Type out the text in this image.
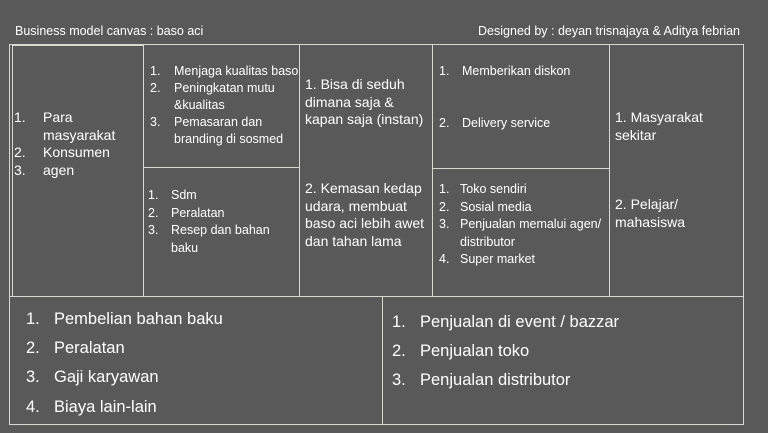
Business model canvas : baso aci	Designed by : deyan trisnajaya & Aditya febrian
1. Para masyarakat
2. Konsumen
3. agen
1. Menjaga kualitas baso
2. Peningkatan mutu &kualitas
3. Pemasaran dan branding di sosmed
1. Sdm
2. Peralatan
3. Resep dan bahan baku
1. Bisa di seduh dimana saja & kapan saja (instan)
2. Kemasan kedap udara, membuat baso aci lebih awet dan tahan lama
1. Memberikan diskon
2. Delivery service
1. Toko sendiri
2. Sosial media
3. Penjualan memalui agen/ distributor
4. Super market
1. Masyarakat sekitar
2. Pelajar/ mahasiswa
1. Pembelian bahan baku
2. Peralatan
3. Gaji karyawan
4. Biaya lain-lain
1. Penjualan di event / bazzar
2. Penjualan toko
3. Penjualan distributor
